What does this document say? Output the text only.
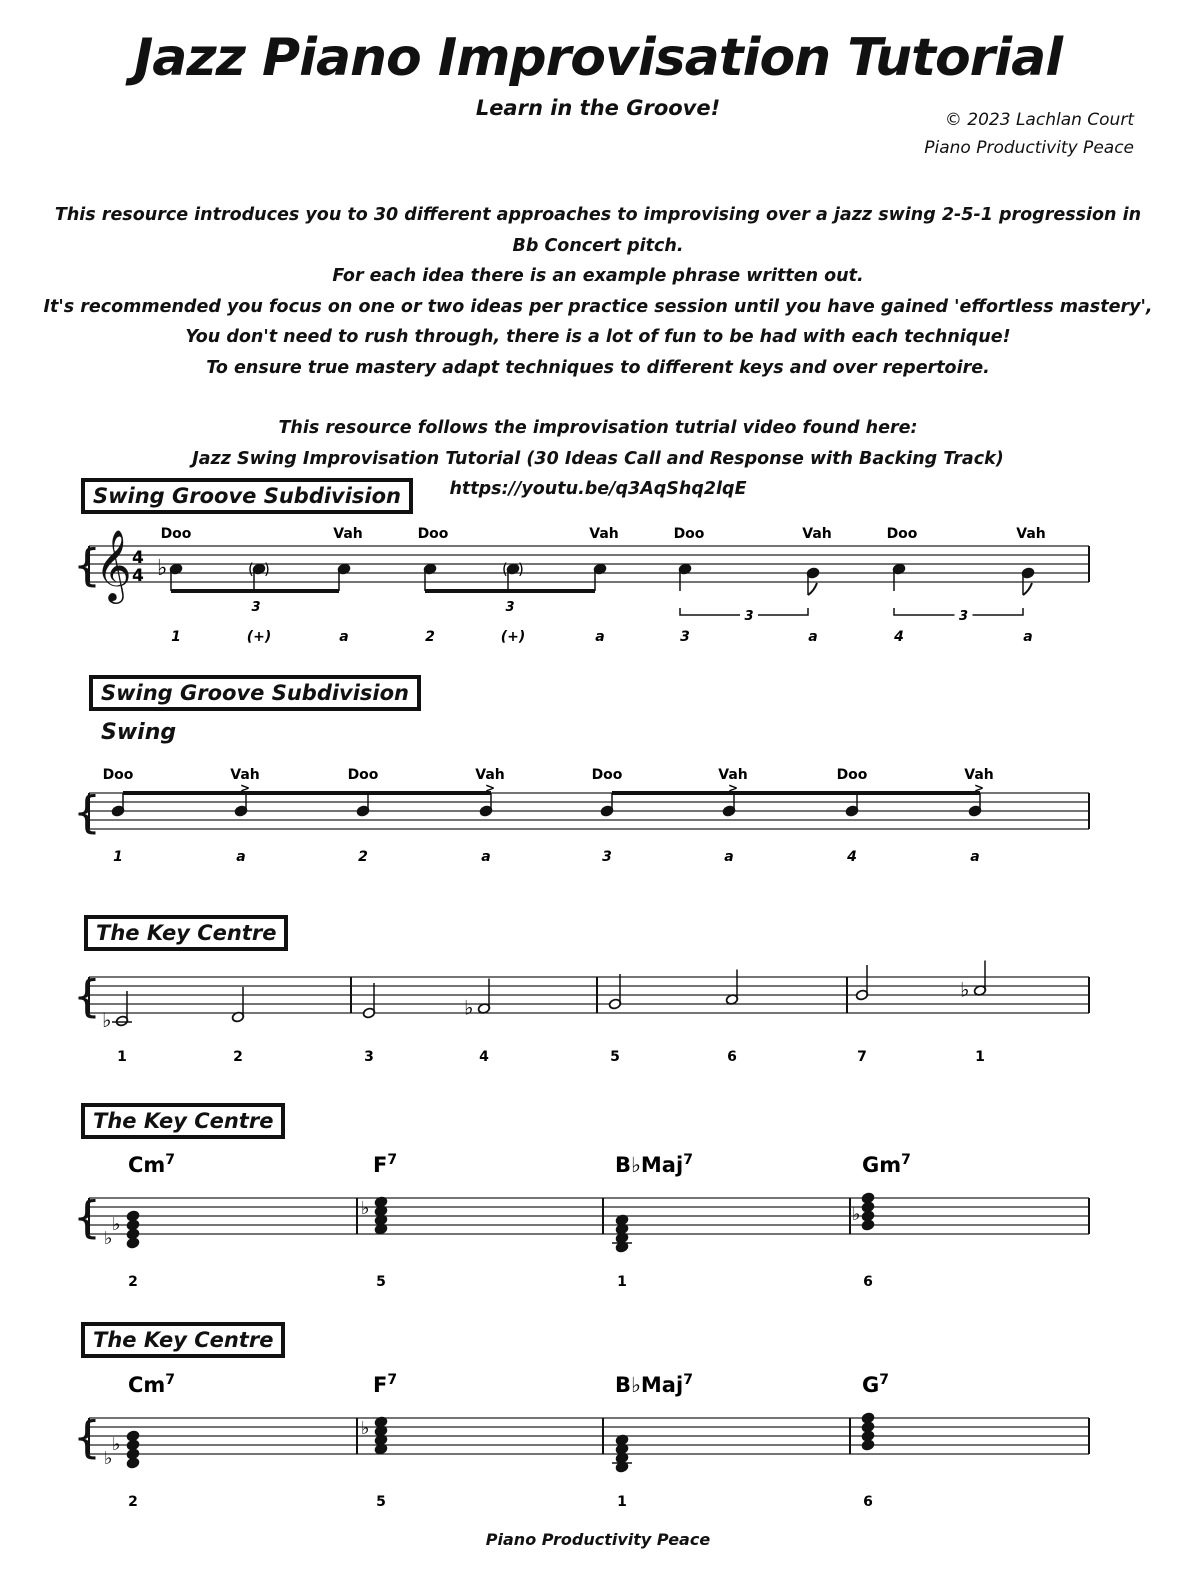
Jazz Piano Improvisation Tutorial
Learn in the Groove!	© 2023 Lachlan Court
Piano Productivity Peace
This resource introduces you to 30 different approaches to improvising over a jazz swing 2-5-1 progression in Bb Concert pitch.
For each idea there is an example phrase written out.
It's recommended you focus on one or two ideas per practice session until you have gained 'effortless mastery',
You don't need to rush through, there is a lot of fun to be had with each technique!
To ensure true mastery adapt techniques to different keys and over repertoire.
This resource follows the improvisation tutrial video found here:
Jazz Swing Improvisation Tutorial (30 Ideas Call and Response with Backing Track)
https://youtu.be/q3AqShq2lqE
Swing Groove Subdivision
{
𝄞 4
4
Doo	Vah	Doo	Vah	Doo	Vah	Doo	Vah
1	(+)	a	2	(+)	a	3	a	4	a
3
( )
3
( )
♭
3	3
Swing Groove Subdivision
Swing
{
Doo	Vah
>
Doo	Vah
>
Doo	Vah
>
Doo	Vah
>
1	a	2	a	3	a	4	a
The Key Centre
{
1	2	3	4	5	6	7	1
♭
♭
♭
The Key Centre
{
Cm$^7$
2
$F^7$
5
B♭Maj$^7$
1
Gm$^7$
6
♭
♭
♭	♭
The Key Centre
{
Cm$^7$
2
$F^7$
5
B♭Maj$^7$
1
$G^7$
6
♭
♭
♭
Piano Productivity Peace
